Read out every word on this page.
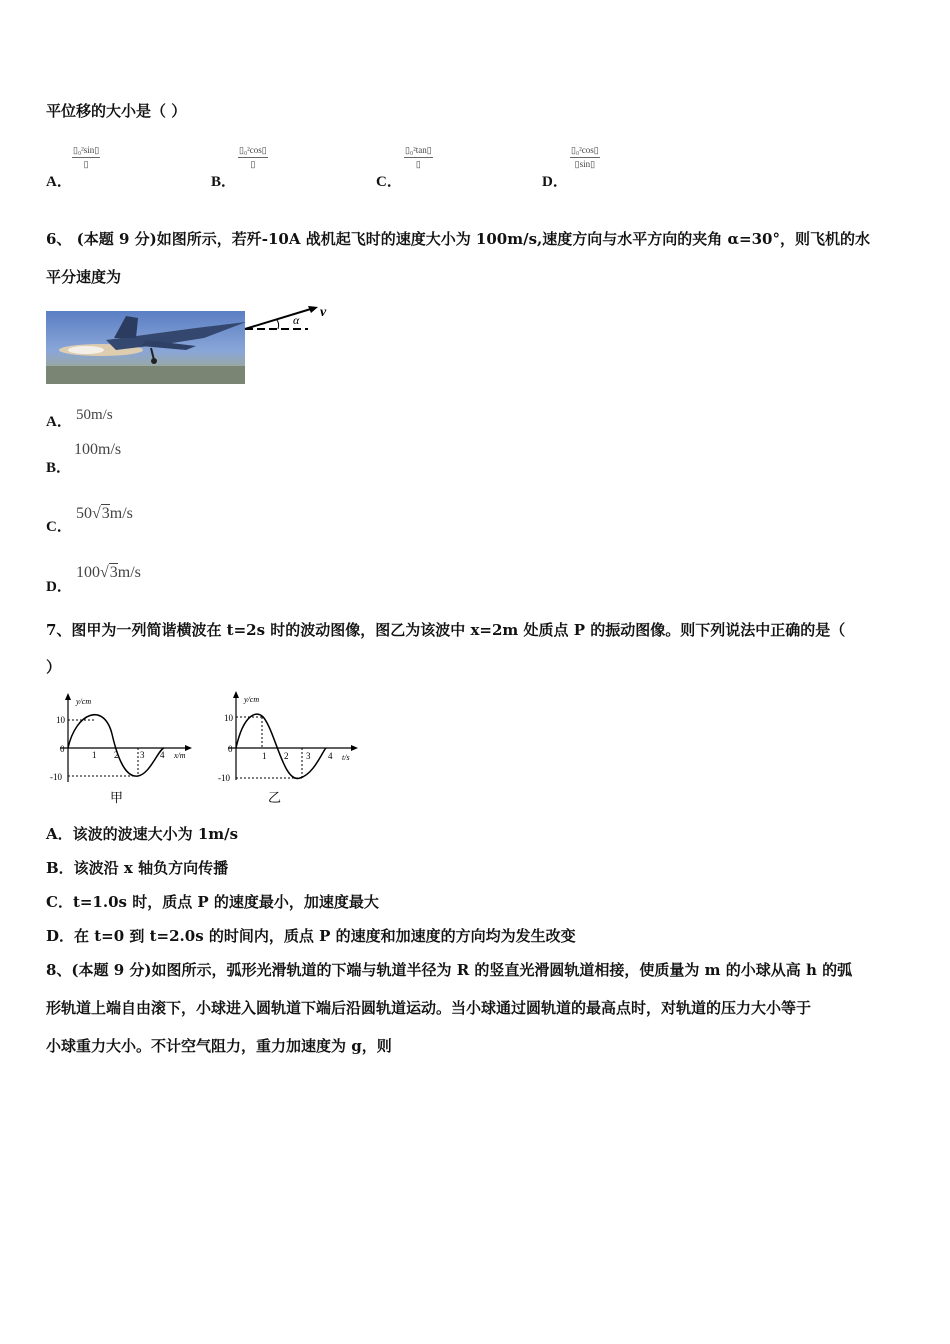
平位移的大小是（ ）
A．
▯₀²sin▯
▯
B．
▯₀²cos▯
▯
C．
▯₀²tan▯
▯
D．
$\frac{\text{▯₀²cos▯}}{▯\sin▯}$
6、 (本题 9 分)如图所示，若歼-10A 战机起飞时的速度大小为 100m/s,速度方向与水平方向的夹角 α=30°，则飞机的水
平分速度为
α v
A． 50m/s
B．
100m/s
C．
50√3m/s
D．
100√3m/s
7、图甲为一列简谐横波在 t=2s 时的波动图像，图乙为该波中 x=2m 处质点 P 的振动图像。则下列说法中正确的是（
）
y/cm
x/m
10
0
-10
1 2 3 4
甲
y/cm
t/s
10
0
-10
1 2 3 4
乙
A．该波的波速大小为 1m/s
B．该波沿 x 轴负方向传播
C．t=1.0s 时，质点 P 的速度最小，加速度最大
D．在 t=0 到 t=2.0s 的时间内，质点 P 的速度和加速度的方向均为发生改变
8、(本题 9 分)如图所示，弧形光滑轨道的下端与轨道半径为 R 的竖直光滑圆轨道相接，使质量为 m 的小球从高 h 的弧
形轨道上端自由滚下，小球进入圆轨道下端后沿圆轨道运动。当小球通过圆轨道的最高点时，对轨道的压力大小等于
小球重力大小。不计空气阻力，重力加速度为 g，则
